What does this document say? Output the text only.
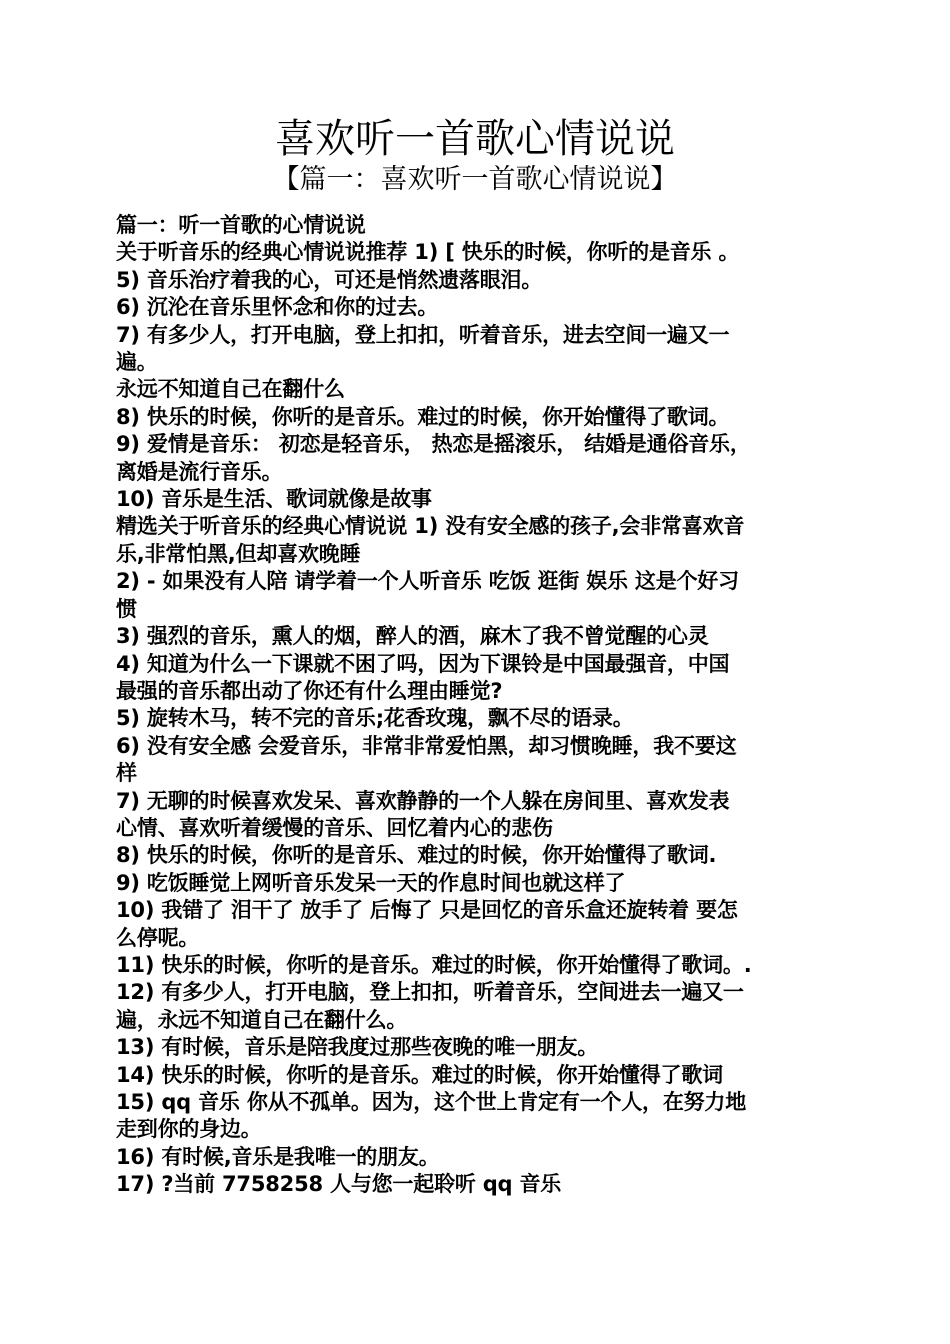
喜欢听一首歌心情说说
【篇一：喜欢听一首歌心情说说】
篇一：听一首歌的心情说说
关于听音乐的经典心情说说推荐 1) [ 快乐的时候，你听的是音乐 。
5) 音乐治疗着我的心，可还是悄然遗落眼泪。
6) 沉沦在音乐里怀念和你的过去。
7) 有多少人，打开电脑，登上扣扣，听着音乐，进去空间一遍又一
遍。
永远不知道自己在翻什么
8) 快乐的时候，你听的是音乐。难过的时候，你开始懂得了歌词。
9) 爱情是音乐： 初恋是轻音乐， 热恋是摇滚乐， 结婚是通俗音乐，
离婚是流行音乐。
10) 音乐是生活、歌词就像是故事
精选关于听音乐的经典心情说说 1) 没有安全感的孩子,会非常喜欢音
乐,非常怕黑,但却喜欢晚睡
2) - 如果没有人陪 请学着一个人听音乐 吃饭 逛街 娱乐 这是个好习
惯
3) 强烈的音乐，熏人的烟，醉人的酒，麻木了我不曾觉醒的心灵
4) 知道为什么一下课就不困了吗，因为下课铃是中国最强音，中国
最强的音乐都出动了你还有什么理由睡觉?
5) 旋转木马，转不完的音乐;花香玫瑰，飘不尽的语录。
6) 没有安全感 会爱音乐，非常非常爱怕黑，却习惯晚睡，我不要这
样
7) 无聊的时候喜欢发呆、喜欢静静的一个人躲在房间里、喜欢发表
心情、喜欢听着缓慢的音乐、回忆着内心的悲伤
8) 快乐的时候，你听的是音乐、难过的时候，你开始懂得了歌词.
9) 吃饭睡觉上网听音乐发呆一天的作息时间也就这样了
10) 我错了 泪干了 放手了 后悔了 只是回忆的音乐盒还旋转着 要怎
么停呢。
11) 快乐的时候，你听的是音乐。难过的时候，你开始懂得了歌词。.
12) 有多少人，打开电脑，登上扣扣，听着音乐，空间进去一遍又一
遍，永远不知道自己在翻什么。
13) 有时候，音乐是陪我度过那些夜晚的唯一朋友。
14) 快乐的时候，你听的是音乐。难过的时候，你开始懂得了歌词
15) qq 音乐 你从不孤单。因为，这个世上肯定有一个人，在努力地
走到你的身边。
16) 有时候,音乐是我唯一的朋友。
17) ?当前 7758258 人与您一起聆听 qq 音乐
